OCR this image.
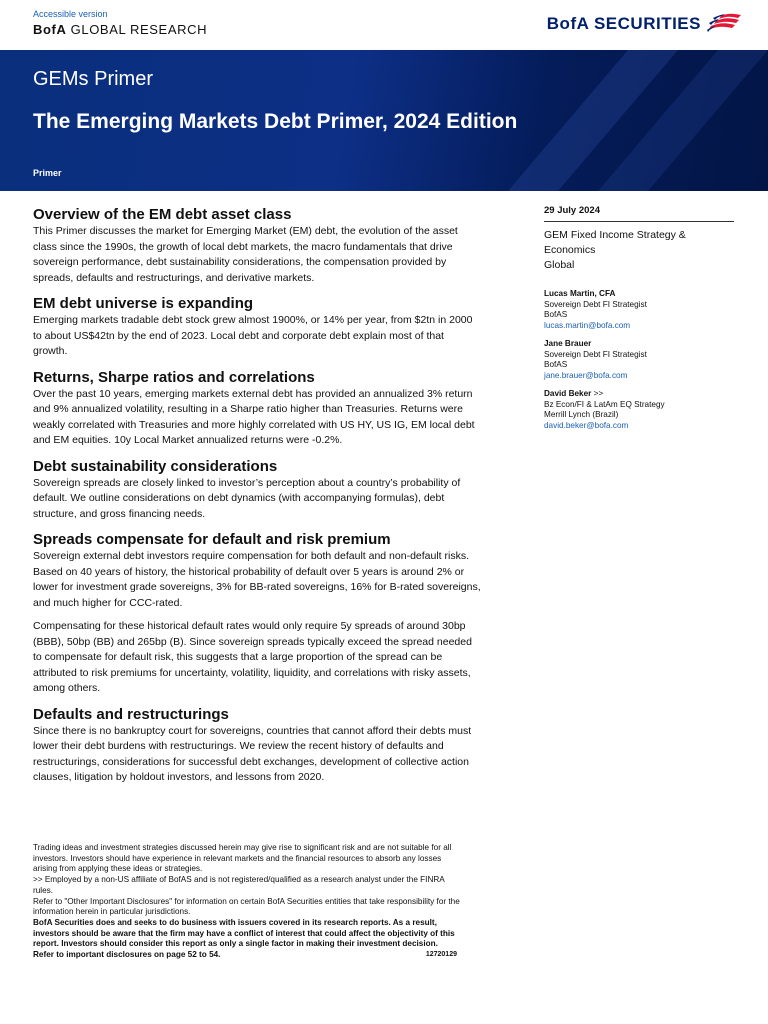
Accessible version
BofA GLOBAL RESEARCH	BofA SECURITIES
GEMs Primer
The Emerging Markets Debt Primer, 2024 Edition
Primer
Overview of the EM debt asset class

This Primer discusses the market for Emerging Market (EM) debt, the evolution of the asset class since the 1990s, the growth of local debt markets, the macro fundamentals that drive sovereign performance, debt sustainability considerations, the compensation provided by spreads, defaults and restructurings, and derivative markets.

EM debt universe is expanding

Emerging markets tradable debt stock grew almost 1900%, or 14% per year, from $2tn in 2000 to about US$42tn by the end of 2023. Local debt and corporate debt explain most of that growth.

Returns, Sharpe ratios and correlations

Over the past 10 years, emerging markets external debt has provided an annualized 3% return and 9% annualized volatility, resulting in a Sharpe ratio higher than Treasuries. Returns were weakly correlated with Treasuries and more highly correlated with US HY, US IG, EM local debt and EM equities. 10y Local Market annualized returns were -0.2%.

Debt sustainability considerations

Sovereign spreads are closely linked to investor’s perception about a country’s probability of default. We outline considerations on debt dynamics (with accompanying formulas), debt structure, and gross financing needs.

Spreads compensate for default and risk premium

Sovereign external debt investors require compensation for both default and non-default risks. Based on 40 years of history, the historical probability of default over 5 years is around 2% or lower for investment grade sovereigns, 3% for BB-rated sovereigns, 16% for B-rated sovereigns, and much higher for CCC-rated.

Compensating for these historical default rates would only require 5y spreads of around 30bp (BBB), 50bp (BB) and 265bp (B). Since sovereign spreads typically exceed the spread needed to compensate for default risk, this suggests that a large proportion of the spread can be attributed to risk premiums for uncertainty, volatility, liquidity, and correlations with risky assets, among others.

Defaults and restructurings

Since there is no bankruptcy court for sovereigns, countries that cannot afford their debts must lower their debt burdens with restructurings. We review the recent history of defaults and restructurings, considerations for successful debt exchanges, development of collective action clauses, litigation by holdout investors, and lessons from 2020.

29 July 2024
GEM Fixed Income Strategy &
Economics
Global
Lucas Martin, CFA
Sovereign Debt FI Strategist
BofAS
lucas.martin@bofa.com
Jane Brauer
Sovereign Debt FI Strategist
BofAS
jane.brauer@bofa.com
David Beker >>
Bz Econ/FI & LatAm EQ Strategy
Merrill Lynch (Brazil)
david.beker@bofa.com
Trading ideas and investment strategies discussed herein may give rise to significant risk and are not suitable for all investors. Investors should have experience in relevant markets and the financial resources to absorb any losses arising from applying these ideas or strategies.
>> Employed by a non-US affiliate of BofAS and is not registered/qualified as a research analyst under the FINRA rules.
Refer to "Other Important Disclosures" for information on certain BofA Securities entities that take responsibility for the information herein in particular jurisdictions.
BofA Securities does and seeks to do business with issuers covered in its research reports. As a result, investors should be aware that the firm may have a conflict of interest that could affect the objectivity of this report. Investors should consider this report as only a single factor in making their investment decision.
Refer to important disclosures on page 52 to 54.	12720129
